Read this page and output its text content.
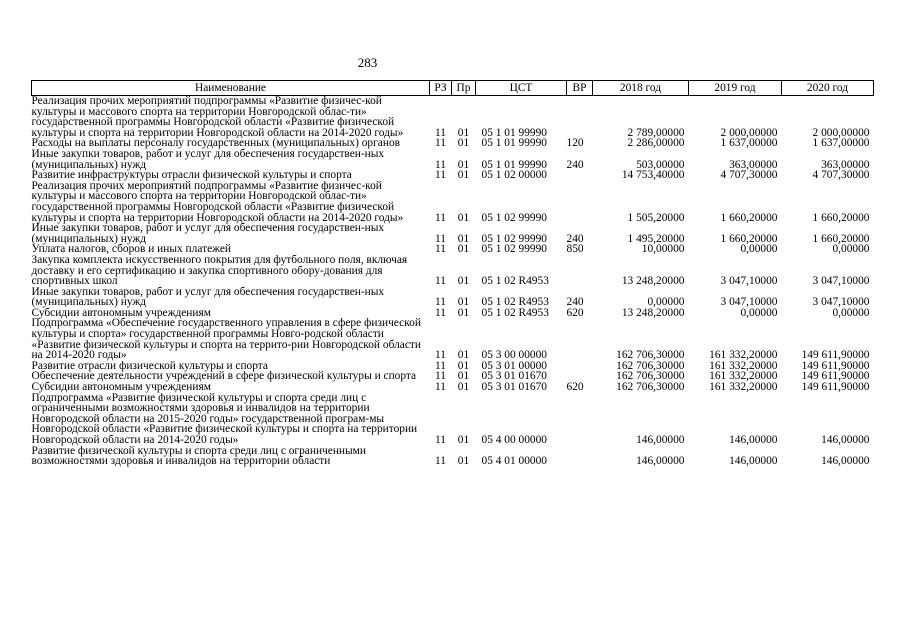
283
Наименование	РЗ	Пр	ЦСТ	ВР	2018 год	2019 год	2020 год

Реализация прочих мероприятий подпрограммы «Развитие физичес-кой культуры и массового спорта на территории Новгородской облас-ти» государственной программы Новгородской области «Развитие физической культуры и спорта на территории Новгородской области на 2014-2020 годы»	11	01	05 1 01 99990		2 789,00000	2 000,00000	2 000,00000

Расходы на выплаты персоналу государственных (муниципальных) органов	11	01	05 1 01 99990	120	2 286,00000	1 637,00000	1 637,00000

Иные закупки товаров, работ и услуг для обеспечения государствен-ных (муниципальных) нужд	11	01	05 1 01 99990	240	503,00000	363,00000	363,00000

Развитие инфраструктуры отрасли физической культуры и спорта	11	01	05 1 02 00000		14 753,40000	4 707,30000	4 707,30000

Реализация прочих мероприятий подпрограммы «Развитие физичес-кой культуры и массового спорта на территории Новгородской облас-ти» государственной программы Новгородской области «Развитие физической культуры и спорта на территории Новгородской области на 2014-2020 годы»	11	01	05 1 02 99990		1 505,20000	1 660,20000	1 660,20000

Иные закупки товаров, работ и услуг для обеспечения государствен-ных (муниципальных) нужд	11	01	05 1 02 99990	240	1 495,20000	1 660,20000	1 660,20000

Уплата налогов, сборов и иных платежей	11	01	05 1 02 99990	850	10,00000	0,00000	0,00000

Закупка комплекта искусственного покрытия для футбольного поля, включая доставку и его сертификацию и закупка спортивного обору-дования для спортивных школ	11	01	05 1 02 R4953		13 248,20000	3 047,10000	3 047,10000

Иные закупки товаров, работ и услуг для обеспечения государствен-ных (муниципальных) нужд	11	01	05 1 02 R4953	240	0,00000	3 047,10000	3 047,10000

Субсидии автономным учреждениям	11	01	05 1 02 R4953	620	13 248,20000	0,00000	0,00000

Подпрограмма «Обеспечение государственного управления в сфере физической культуры и спорта» государственной программы Новго-родской области «Развитие физической культуры и спорта на террито-рии Новгородской области на 2014-2020 годы»	11	01	05 3 00 00000		162 706,30000	161 332,20000	149 611,90000

Развитие отрасли физической культуры и спорта	11	01	05 3 01 00000		162 706,30000	161 332,20000	149 611,90000

Обеспечение деятельности учреждений в сфере физической культуры и спорта	11	01	05 3 01 01670		162 706,30000	161 332,20000	149 611,90000

Субсидии автономным учреждениям	11	01	05 3 01 01670	620	162 706,30000	161 332,20000	149 611,90000

Подпрограмма «Развитие физической культуры и спорта среди лиц с ограниченными возможностями здоровья и инвалидов на территории Новгородской области на 2015-2020 годы» государственной програм-мы Новгородской области «Развитие физической культуры и спорта на территории Новгородской области на 2014-2020 годы»	11	01	05 4 00 00000		146,00000	146,00000	146,00000

Развитие физической культуры и спорта среди лиц с ограниченными возможностями здоровья и инвалидов на территории области	11	01	05 4 01 00000		146,00000	146,00000	146,00000
